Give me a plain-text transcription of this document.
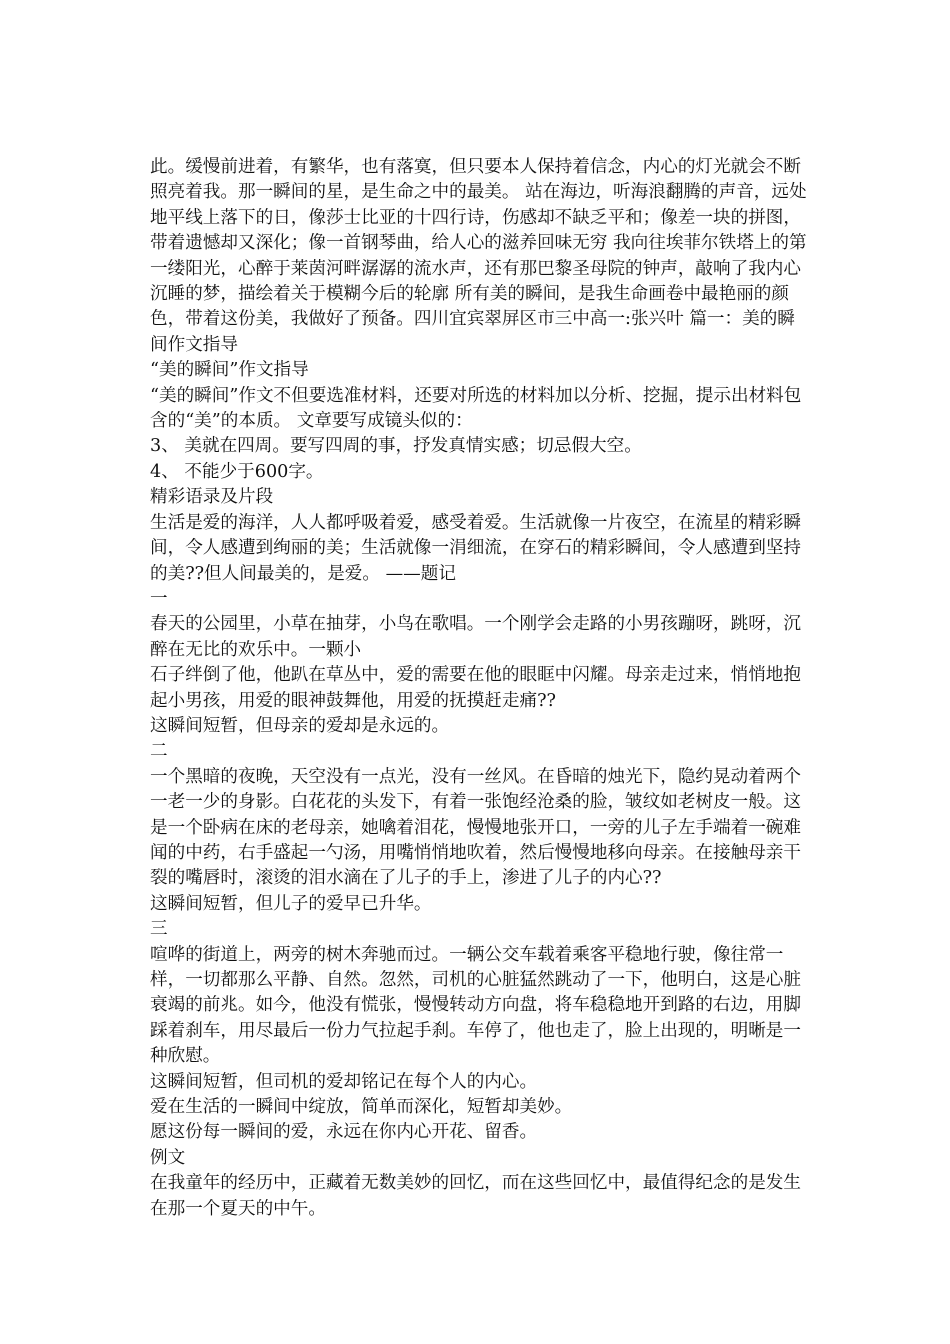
此。缓慢前进着，有繁华，也有落寞，但只要本人保持着信念，内心的灯光就会不断照亮着我。那一瞬间的星，是生命之中的最美。 站在海边，听海浪翻腾的声音，远处地平线上落下的日，像莎士比亚的十四行诗，伤感却不缺乏平和；像差一块的拼图，带着遗憾却又深化；像一首钢琴曲，给人心的滋养回味无穷 我向往埃菲尔铁塔上的第一缕阳光，心醉于莱茵河畔潺潺的流水声，还有那巴黎圣母院的钟声，敲响了我内心沉睡的梦，描绘着关于模糊今后的轮廓 所有美的瞬间，是我生命画卷中最艳丽的颜色，带着这份美，我做好了预备。四川宜宾翠屏区市三中高一:张兴叶 篇一：美的瞬间作文指导

“美的瞬间”作文指导

“美的瞬间”作文不但要选准材料，还要对所选的材料加以分析、挖掘，提示出材料包含的“美”的本质。 文章要写成镜头似的：

3、 美就在四周。要写四周的事，抒发真情实感；切忌假大空。

4、 不能少于600字。

精彩语录及片段

生活是爱的海洋，人人都呼吸着爱，感受着爱。生活就像一片夜空，在流星的精彩瞬间，令人感遭到绚丽的美；生活就像一涓细流，在穿石的精彩瞬间，令人感遭到坚持的美??但人间最美的，是爱。 ——题记

一

春天的公园里，小草在抽芽，小鸟在歌唱。一个刚学会走路的小男孩蹦呀，跳呀，沉醉在无比的欢乐中。一颗小

石子绊倒了他，他趴在草丛中，爱的需要在他的眼眶中闪耀。母亲走过来，悄悄地抱起小男孩，用爱的眼神鼓舞他，用爱的抚摸赶走痛??

这瞬间短暂，但母亲的爱却是永远的。

二

一个黑暗的夜晚，天空没有一点光，没有一丝风。在昏暗的烛光下，隐约晃动着两个一老一少的身影。白花花的头发下，有着一张饱经沧桑的脸，皱纹如老树皮一般。这是一个卧病在床的老母亲，她噙着泪花，慢慢地张开口，一旁的儿子左手端着一碗难闻的中药，右手盛起一勺汤，用嘴悄悄地吹着，然后慢慢地移向母亲。在接触母亲干裂的嘴唇时，滚烫的泪水滴在了儿子的手上，渗进了儿子的内心??

这瞬间短暂，但儿子的爱早已升华。

三

喧哗的街道上，两旁的树木奔驰而过。一辆公交车载着乘客平稳地行驶，像往常一样，一切都那么平静、自然。忽然，司机的心脏猛然跳动了一下，他明白，这是心脏衰竭的前兆。如今，他没有慌张，慢慢转动方向盘，将车稳稳地开到路的右边，用脚踩着刹车，用尽最后一份力气拉起手刹。车停了，他也走了，脸上出现的，明晰是一种欣慰。

这瞬间短暂，但司机的爱却铭记在每个人的内心。

爱在生活的一瞬间中绽放，简单而深化，短暂却美妙。

愿这份每一瞬间的爱，永远在你内心开花、留香。

例文

在我童年的经历中，正藏着无数美妙的回忆，而在这些回忆中，最值得纪念的是发生在那一个夏天的中午。
